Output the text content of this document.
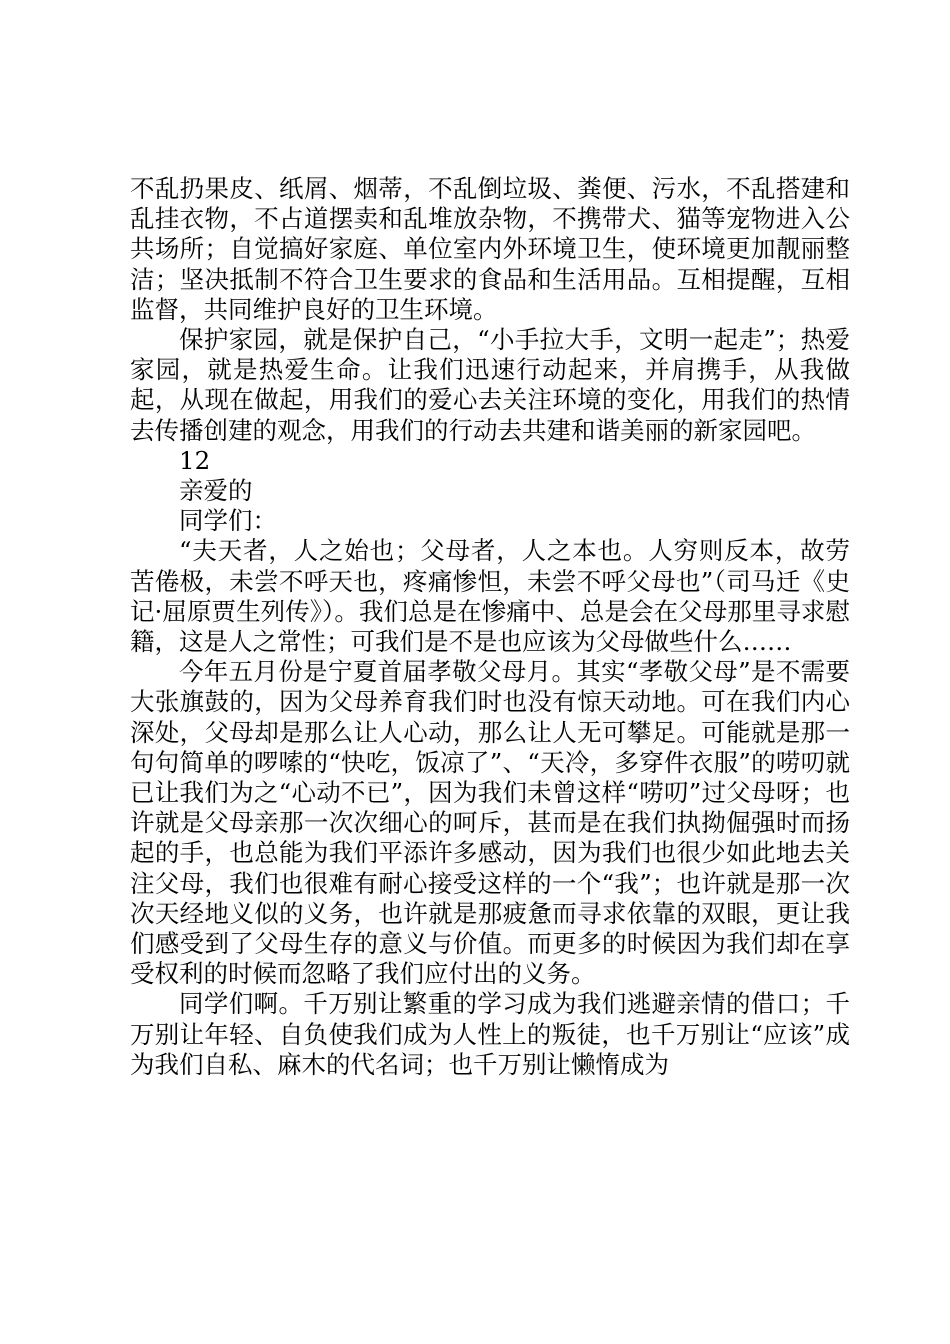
不乱扔果皮、纸屑、烟蒂，不乱倒垃圾、粪便、污水，不乱搭建和乱挂衣物，不占道摆卖和乱堆放杂物，不携带犬、猫等宠物进入公共场所；自觉搞好家庭、单位室内外环境卫生，使环境更加靓丽整洁；坚决抵制不符合卫生要求的食品和生活用品。互相提醒，互相监督，共同维护良好的卫生环境。

保护家园，就是保护自己，“小手拉大手，文明一起走”；热爱家园，就是热爱生命。让我们迅速行动起来，并肩携手，从我做起，从现在做起，用我们的爱心去关注环境的变化，用我们的热情去传播创建的观念，用我们的行动去共建和谐美丽的新家园吧。

12

亲爱的

同学们：

“夫天者，人之始也；父母者，人之本也。人穷则反本，故劳苦倦极，未尝不呼天也，疼痛惨怛，未尝不呼父母也”（司马迁《史记·屈原贾生列传》）。我们总是在惨痛中、总是会在父母那里寻求慰籍，这是人之常性；可我们是不是也应该为父母做些什么……

今年五月份是宁夏首届孝敬父母月。其实“孝敬父母”是不需要大张旗鼓的，因为父母养育我们时也没有惊天动地。可在我们内心深处，父母却是那么让人心动，那么让人无可攀足。可能就是那一句句简单的啰嗦的“快吃，饭凉了”、“天冷，多穿件衣服”的唠叨就已让我们为之“心动不已”，因为我们未曾这样“唠叨”过父母呀；也许就是父母亲那一次次细心的呵斥，甚而是在我们执拗倔强时而扬起的手，也总能为我们平添许多感动，因为我们也很少如此地去关注父母，我们也很难有耐心接受这样的一个“我”；也许就是那一次次天经地义似的义务，也许就是那疲惫而寻求依靠的双眼，更让我们感受到了父母生存的意义与价值。而更多的时候因为我们却在享受权利的时候而忽略了我们应付出的义务。

同学们啊。千万别让繁重的学习成为我们逃避亲情的借口；千万别让年轻、自负使我们成为人性上的叛徒，也千万别让“应该”成为我们自私、麻木的代名词；也千万别让懒惰成为
